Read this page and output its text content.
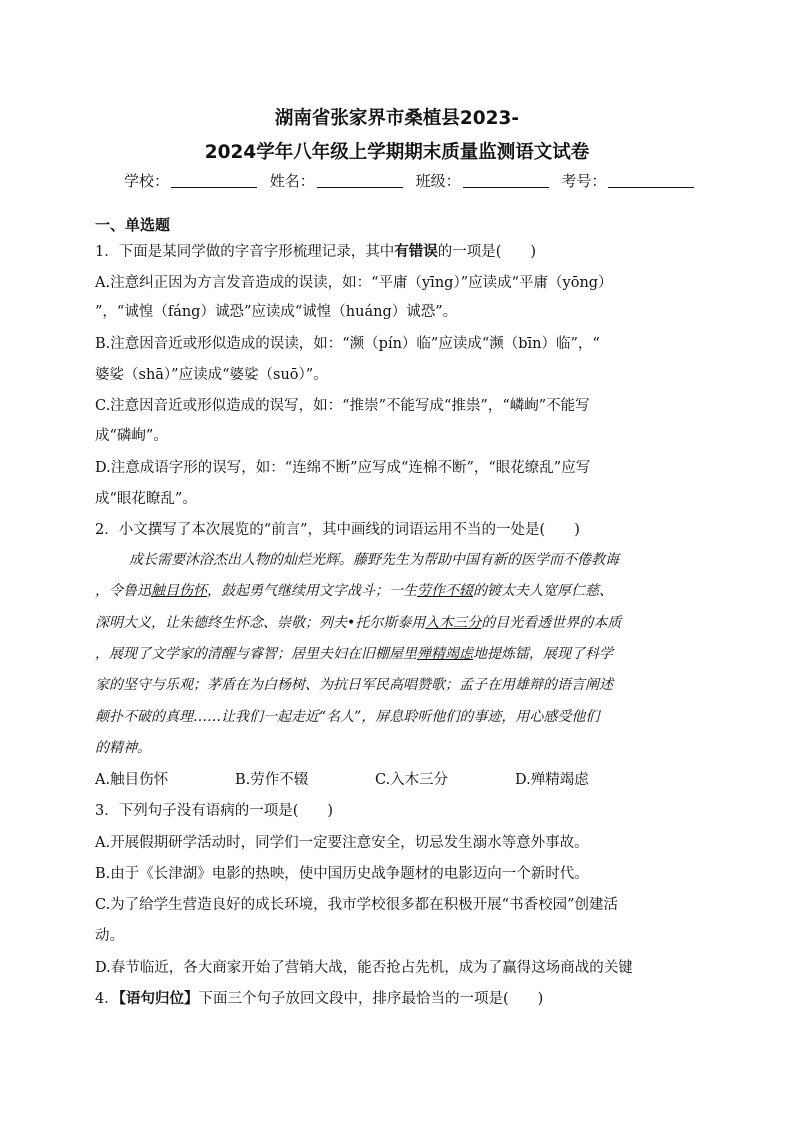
湖南省张家界市桑植县2023-
2024学年八年级上学期期末质量监测语文试卷
学校：	姓名：	班级：	考号：
一、单选题
1．下面是某同学做的字音字形梳理记录，其中有错误的一项是(　　)
A.注意纠正因为方言发音造成的误读，如：“平庸（yīng）”应读成“平庸（yōng）
”，“诚惶（fáng）诚恐”应读成“诚惶（huáng）诚恐”。
B.注意因音近或形似造成的误读，如：“濒（pín）临”应读成“濒（bīn）临”，“
婆娑（shā）”应读成“婆娑（suō）”。
C.注意因音近或形似造成的误写，如：“推崇”不能写成“推祟”，“嶙峋”不能写
成“磷峋”。
D.注意成语字形的误写，如：“连绵不断”应写成“连棉不断”，“眼花缭乱”应写
成“眼花瞭乱”。
2．小文撰写了本次展览的“前言”，其中画线的词语运用不当的一处是(　　)
成长需要沐浴杰出人物的灿烂光辉。藤野先生为帮助中国有新的医学而不倦教诲
，令鲁迅触目伤怀，鼓起勇气继续用文字战斗；一生劳作不辍的镀太夫人宽厚仁慈、
深明大义，让朱德终生怀念、崇敬；列夫•托尔斯泰用入木三分的目光看透世界的本质
，展现了文学家的清醒与睿智；居里夫妇在旧棚屋里殚精竭虑地提炼镭，展现了科学
家的坚守与乐观；茅盾在为白杨树、为抗日军民高唱赞歌；孟子在用雄辩的语言阐述
颠扑不破的真理……让我们一起走近“名人”，屏息聆听他们的事迹，用心感受他们
的精神。
A.触目伤怀	B.劳作不辍	C.入木三分	D.殚精竭虑
3．下列句子没有语病的一项是(　　)
A.开展假期研学活动时，同学们一定要注意安全，切忌发生溺水等意外事故。
B.由于《长津湖》电影的热映，使中国历史战争题材的电影迈向一个新时代。
C.为了给学生营造良好的成长环境，我市学校很多都在积极开展“书香校园”创建活
动。
D.春节临近，各大商家开始了营销大战，能否抢占先机，成为了赢得这场商战的关键
4．【语句归位】下面三个句子放回文段中，排序最恰当的一项是(　　)
